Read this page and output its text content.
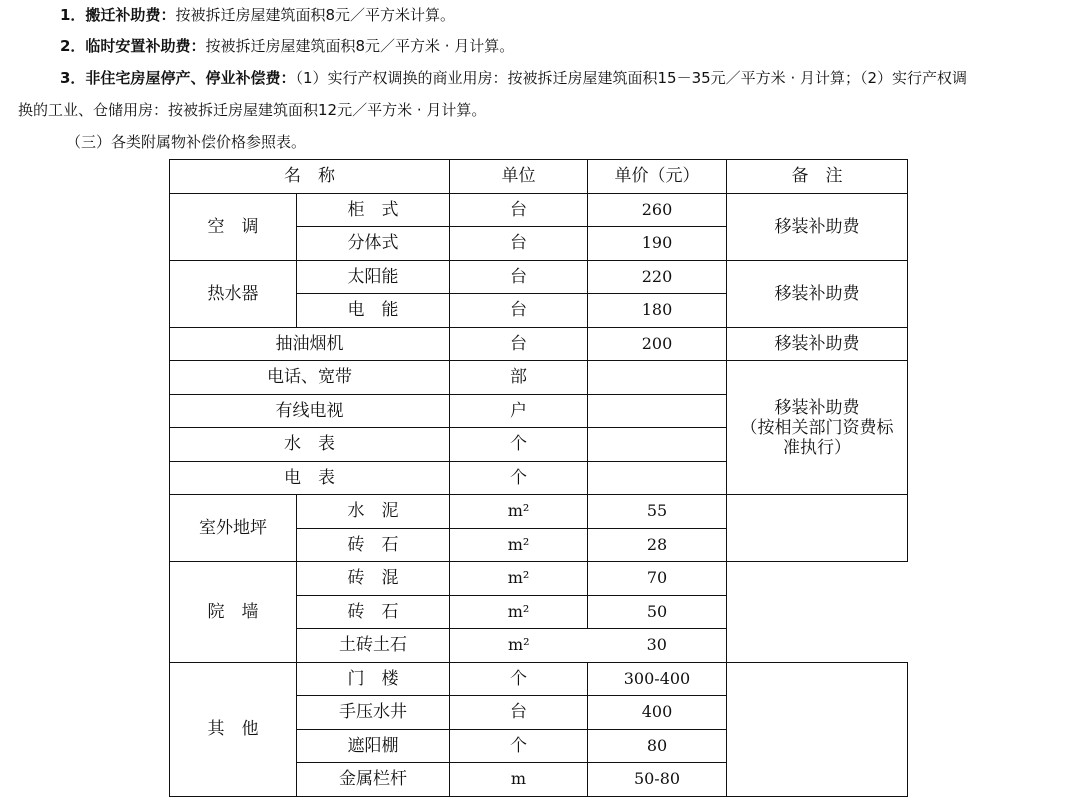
1．搬迁补助费：按被拆迁房屋建筑面积8元／平方米计算。
2．临时安置补助费：按被拆迁房屋建筑面积8元／平方米 · 月计算。
3．非住宅房屋停产、停业补偿费：（1）实行产权调换的商业用房：按被拆迁房屋建筑面积15－35元／平方米 · 月计算；（2）实行产权调
换的工业、仓储用房：按被拆迁房屋建筑面积12元／平方米 · 月计算。
（三）各类附属物补偿价格参照表。
名　称		单位	单价（元）	备　注
空　调	柜　式	台	260	移装补助费
	分体式	台	190	
热水器	太阳能	台	220	移装补助费
	电　能	台	180	
抽油烟机		台	200	移装补助费
电话、宽带		部		移装补助费
（按相关部门资费标
准执行）
有线电视		户		
水　表		个		
电　表		个		
室外地坪	水　泥	m²	55	
	砖　石	m²	28	
院　墙	砖　混	m²	70	
	砖　石	m²	50	
	土砖土石	m²	30	
其　他	门　楼	个	300-400	
	手压水井	台	400	
	遮阳棚	个	80	
	金属栏杆	m	50-80	
